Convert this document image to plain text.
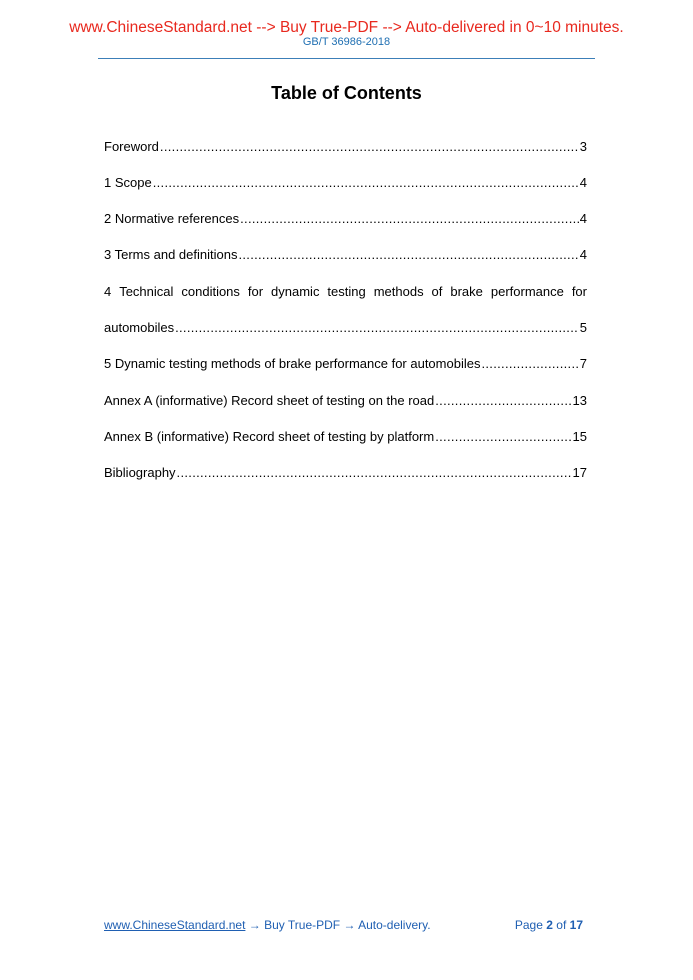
www.ChineseStandard.net --> Buy True-PDF --> Auto-delivered in 0~10 minutes.
GB/T 36986-2018
Table of Contents
Foreword .....	3
1 Scope .....	4
2 Normative references .....	4
3 Terms and definitions .....	4
4 Technical conditions for dynamic testing methods of brake performance for
automobiles .....	5
5 Dynamic testing methods of brake performance for automobiles .....	7
Annex A (informative) Record sheet of testing on the road .....	13
Annex B (informative) Record sheet of testing by platform .....	15
Bibliography .....	17
www.ChineseStandard.net → Buy True-PDF → Auto-delivery.	Page 2 of 17
